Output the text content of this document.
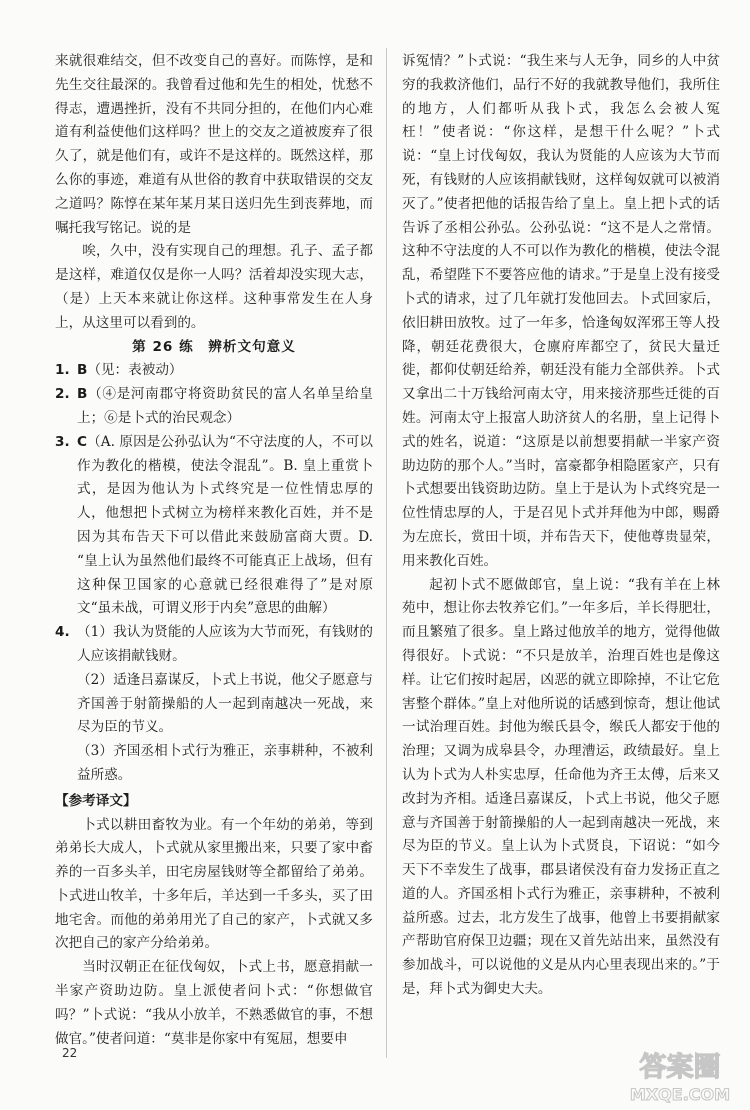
来就很难结交，但不改变自己的喜好。而陈惇，是和先生交往最深的。我曾看过他和先生的相处，忧愁不得志，遭遇挫折，没有不共同分担的，在他们内心难道有利益使他们这样吗？世上的交友之道被废弃了很久了，就是他们有，或许不是这样的。既然这样，那么你的事迹，难道有从世俗的教育中获取错误的交友之道吗？陈惇在某年某月某日送归先生到丧葬地，而嘱托我写铭记。说的是

唉，久中，没有实现自己的理想。孔子、孟子都是这样，难道仅仅是你一人吗？活着却没实现大志，（是）上天本来就让你这样。这种事常发生在人身上，从这里可以看到的。

第 26 练　辨析文句意义

1. B（见：表被动）
2. B（④是河南郡守将资助贫民的富人名单呈给皇上；⑥是卜式的治民观念）
3. C（A. 原因是公孙弘认为“不守法度的人，不可以作为教化的楷模，使法令混乱”。B. 皇上重赏卜式，是因为他认为卜式终究是一位性情忠厚的人，他想把卜式树立为榜样来教化百姓，并不是因为其布告天下可以借此来鼓励富商大贾。D. “皇上认为虽然他们最终不可能真正上战场，但有这种保卫国家的心意就已经很难得了”是对原文“虽未战，可谓义形于内矣”意思的曲解）
4. （1）我认为贤能的人应该为大节而死，有钱财的人应该捐献钱财。

（2）适逢吕嘉谋反，卜式上书说，他父子愿意与齐国善于射箭操船的人一起到南越决一死战，来尽为臣的节义。

（3）齐国丞相卜式行为雅正，亲事耕种，不被利益所惑。

【参考译文】

卜式以耕田畜牧为业。有一个年幼的弟弟，等到弟弟长大成人，卜式就从家里搬出来，只要了家中畜养的一百多头羊，田宅房屋钱财等全都留给了弟弟。卜式进山牧羊，十多年后，羊达到一千多头，买了田地宅舍。而他的弟弟用光了自己的家产，卜式就又多次把自己的家产分给弟弟。

当时汉朝正在征伐匈奴，卜式上书，愿意捐献一半家产资助边防。皇上派使者问卜式：“你想做官吗？”卜式说：“我从小放羊，不熟悉做官的事，不想做官。”使者问道：“莫非是你家中有冤屈，想要申

诉冤情？”卜式说：“我生来与人无争，同乡的人中贫穷的我救济他们，品行不好的我就教导他们，我所住的地方，人们都听从我卜式，我怎么会被人冤枉！”使者说：“你这样，是想干什么呢？”卜式说：“皇上讨伐匈奴，我认为贤能的人应该为大节而死，有钱财的人应该捐献钱财，这样匈奴就可以被消灭了。”使者把他的话报告给了皇上。皇上把卜式的话告诉了丞相公孙弘。公孙弘说：“这不是人之常情。这种不守法度的人不可以作为教化的楷模，使法令混乱，希望陛下不要答应他的请求。”于是皇上没有接受卜式的请求，过了几年就打发他回去。卜式回家后，依旧耕田放牧。过了一年多，恰逢匈奴浑邪王等人投降，朝廷花费很大，仓廪府库都空了，贫民大量迁徙，都仰仗朝廷给养，朝廷没有能力全部供养。卜式又拿出二十万钱给河南太守，用来接济那些迁徙的百姓。河南太守上报富人助济贫人的名册，皇上记得卜式的姓名，说道：“这原是以前想要捐献一半家产资助边防的那个人。”当时，富豪都争相隐匿家产，只有卜式想要出钱资助边防。皇上于是认为卜式终究是一位性情忠厚的人，于是召见卜式并拜他为中郎，赐爵为左庶长，赏田十顷，并布告天下，使他尊贵显荣，用来教化百姓。

起初卜式不愿做郎官，皇上说：“我有羊在上林苑中，想让你去牧养它们。”一年多后，羊长得肥壮，而且繁殖了很多。皇上路过他放羊的地方，觉得他做得很好。卜式说：“不只是放羊，治理百姓也是像这样。让它们按时起居，凶恶的就立即除掉，不让它危害整个群体。”皇上对他所说的话感到惊奇，想让他试一试治理百姓。封他为缑氏县令，缑氏人都安于他的治理；又调为成皋县令，办理漕运，政绩最好。皇上认为卜式为人朴实忠厚，任命他为齐王太傅，后来又改封为齐相。适逢吕嘉谋反，卜式上书说，他父子愿意与齐国善于射箭操船的人一起到南越决一死战，来尽为臣的节义。皇上认为卜式贤良，下诏说：“如今天下不幸发生了战事，郡县诸侯没有奋力发扬正直之道的人。齐国丞相卜式行为雅正，亲事耕种，不被利益所惑。过去，北方发生了战事，他曾上书要捐献家产帮助官府保卫边疆；现在又首先站出来，虽然没有参加战斗，可以说他的义是从内心里表现出来的。”于是，拜卜式为御史大夫。

22	答案圈
MXQE.COM
